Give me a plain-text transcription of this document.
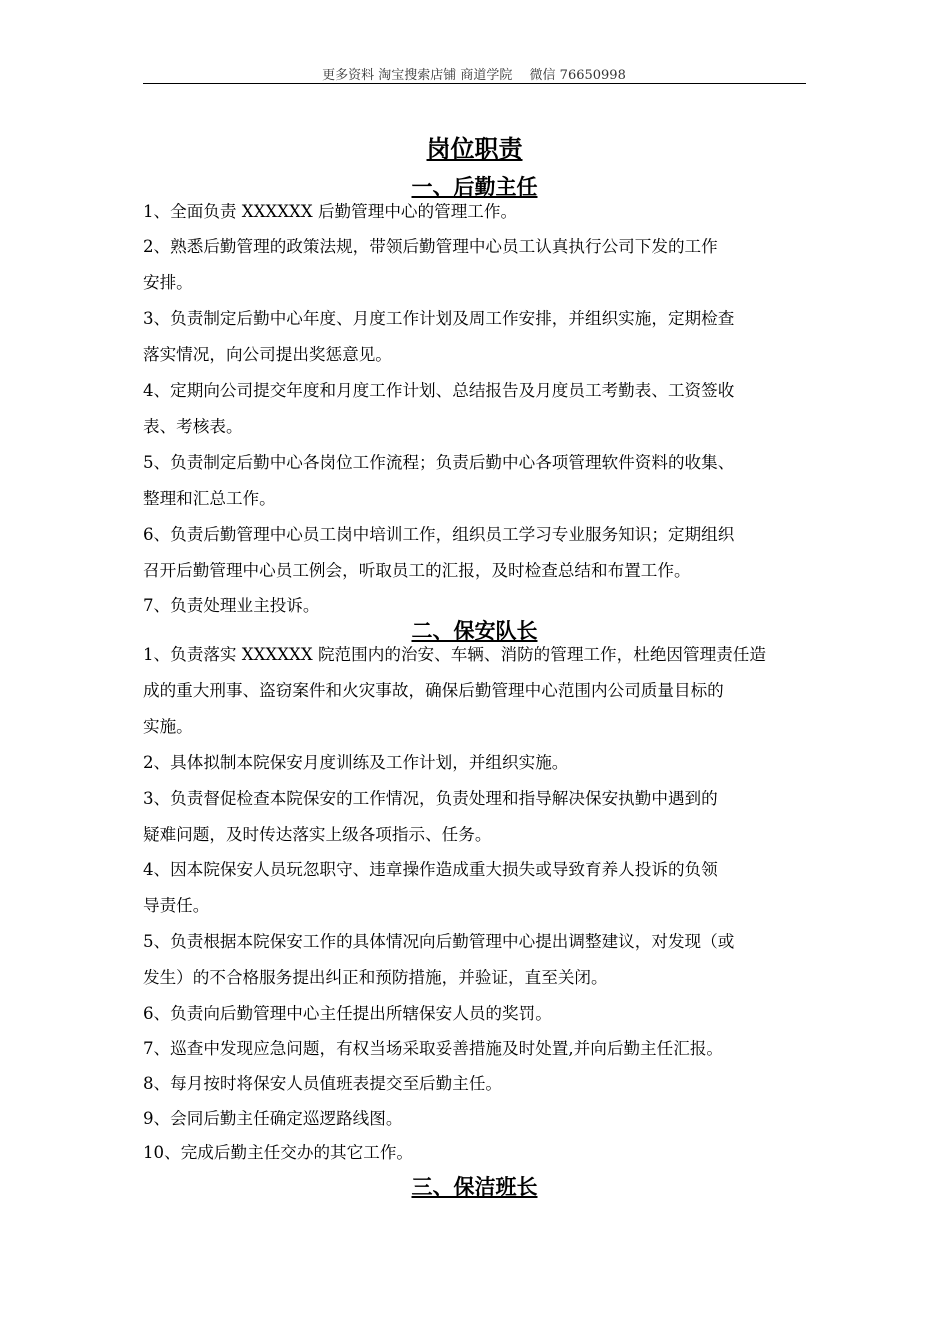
更多资料 淘宝搜索店铺 商道学院　 微信 76650998
岗位职责
一、后勤主任
1、全面负责 XXXXXX 后勤管理中心的管理工作。
2、熟悉后勤管理的政策法规，带领后勤管理中心员工认真执行公司下发的工作
安排。
3、负责制定后勤中心年度、月度工作计划及周工作安排，并组织实施，定期检查
落实情况，向公司提出奖惩意见。
4、定期向公司提交年度和月度工作计划、总结报告及月度员工考勤表、工资签收
表、考核表。
5、负责制定后勤中心各岗位工作流程；负责后勤中心各项管理软件资料的收集、
整理和汇总工作。
6、负责后勤管理中心员工岗中培训工作，组织员工学习专业服务知识；定期组织
召开后勤管理中心员工例会，听取员工的汇报，及时检查总结和布置工作。
7、负责处理业主投诉。
二、保安队长
1、负责落实 XXXXXX 院范围内的治安、车辆、消防的管理工作，杜绝因管理责任造
成的重大刑事、盗窃案件和火灾事故，确保后勤管理中心范围内公司质量目标的
实施。
2、具体拟制本院保安月度训练及工作计划，并组织实施。
3、负责督促检查本院保安的工作情况，负责处理和指导解决保安执勤中遇到的
疑难问题，及时传达落实上级各项指示、任务。
4、因本院保安人员玩忽职守、违章操作造成重大损失或导致育养人投诉的负领
导责任。
5、负责根据本院保安工作的具体情况向后勤管理中心提出调整建议，对发现（或
发生）的不合格服务提出纠正和预防措施，并验证，直至关闭。
6、负责向后勤管理中心主任提出所辖保安人员的奖罚。
7、巡查中发现应急问题，有权当场采取妥善措施及时处置,并向后勤主任汇报。
8、每月按时将保安人员值班表提交至后勤主任。
9、会同后勤主任确定巡逻路线图。
10、完成后勤主任交办的其它工作。
三、保洁班长
